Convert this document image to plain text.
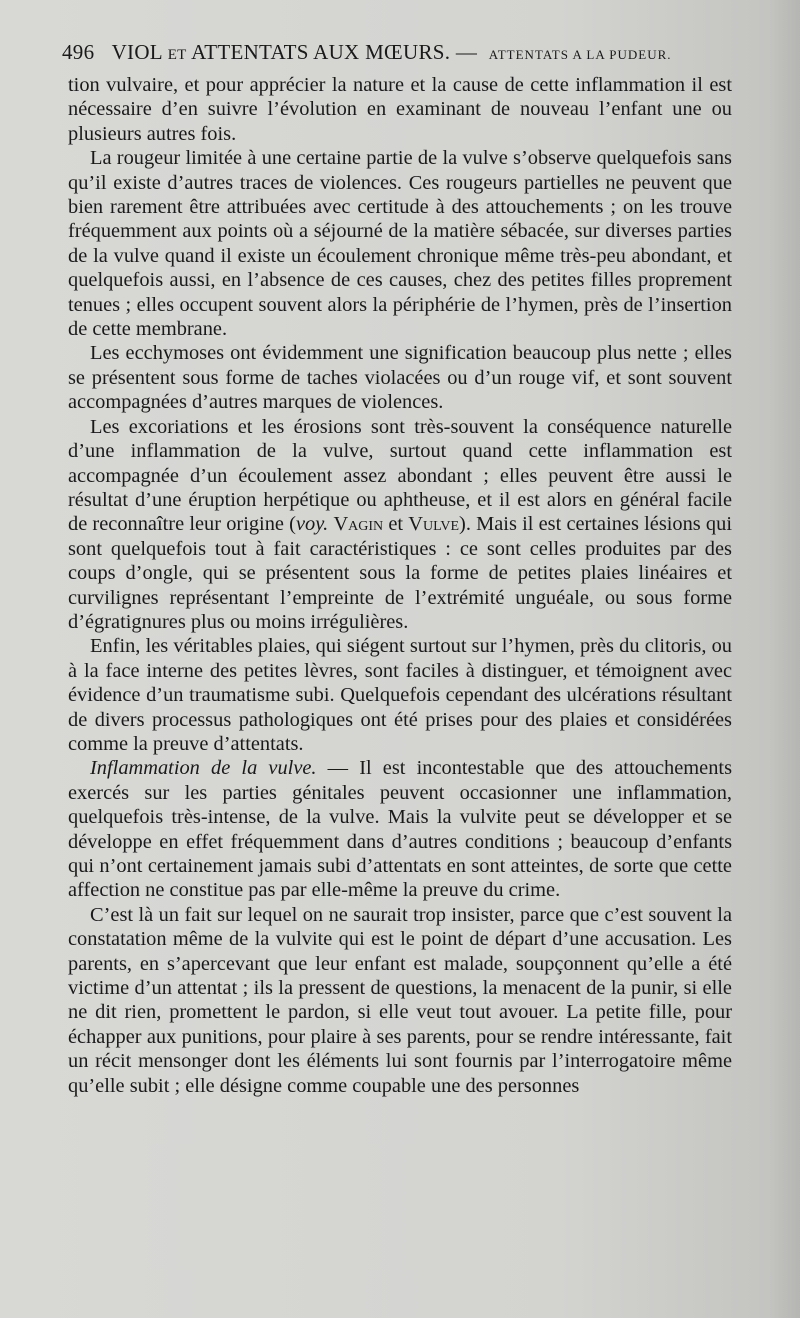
496 VIOL ET ATTENTATS AUX MŒURS. — ATTENTATS A LA PUDEUR.

tion vulvaire, et pour apprécier la nature et la cause de cette inflammation il est nécessaire d’en suivre l’évolution en examinant de nouveau l’enfant une ou plusieurs autres fois.

La rougeur limitée à une certaine partie de la vulve s’observe quelquefois sans qu’il existe d’autres traces de violences. Ces rougeurs partielles ne peuvent que bien rarement être attribuées avec certitude à des attouchements ; on les trouve fréquemment aux points où a séjourné de la matière sébacée, sur diverses parties de la vulve quand il existe un écoulement chronique même très-peu abondant, et quelquefois aussi, en l’absence de ces causes, chez des petites filles proprement tenues ; elles occupent souvent alors la périphérie de l’hymen, près de l’insertion de cette membrane.

Les ecchymoses ont évidemment une signification beaucoup plus nette ; elles se présentent sous forme de taches violacées ou d’un rouge vif, et sont souvent accompagnées d’autres marques de violences.

Les excoriations et les érosions sont très-souvent la conséquence naturelle d’une inflammation de la vulve, surtout quand cette inflammation est accompagnée d’un écoulement assez abondant ; elles peuvent être aussi le résultat d’une éruption herpétique ou aphtheuse, et il est alors en général facile de reconnaître leur origine (voy. Vagin et Vulve). Mais il est certaines lésions qui sont quelquefois tout à fait caractéristiques : ce sont celles produites par des coups d’ongle, qui se présentent sous la forme de petites plaies linéaires et curvilignes représentant l’empreinte de l’extrémité unguéale, ou sous forme d’égratignures plus ou moins irrégulières.

Enfin, les véritables plaies, qui siégent surtout sur l’hymen, près du clitoris, ou à la face interne des petites lèvres, sont faciles à distinguer, et témoignent avec évidence d’un traumatisme subi. Quelquefois cependant des ulcérations résultant de divers processus pathologiques ont été prises pour des plaies et considérées comme la preuve d’attentats.

Inflammation de la vulve. — Il est incontestable que des attouchements exercés sur les parties génitales peuvent occasionner une inflammation, quelquefois très-intense, de la vulve. Mais la vulvite peut se développer et se développe en effet fréquemment dans d’autres conditions ; beaucoup d’enfants qui n’ont certainement jamais subi d’attentats en sont atteintes, de sorte que cette affection ne constitue pas par elle-même la preuve du crime.

C’est là un fait sur lequel on ne saurait trop insister, parce que c’est souvent la constatation même de la vulvite qui est le point de départ d’une accusation. Les parents, en s’apercevant que leur enfant est malade, soupçonnent qu’elle a été victime d’un attentat ; ils la pressent de questions, la menacent de la punir, si elle ne dit rien, promettent le pardon, si elle veut tout avouer. La petite fille, pour échapper aux punitions, pour plaire à ses parents, pour se rendre intéressante, fait un récit mensonger dont les éléments lui sont fournis par l’interrogatoire même qu’elle subit ; elle désigne comme coupable une des personnes
